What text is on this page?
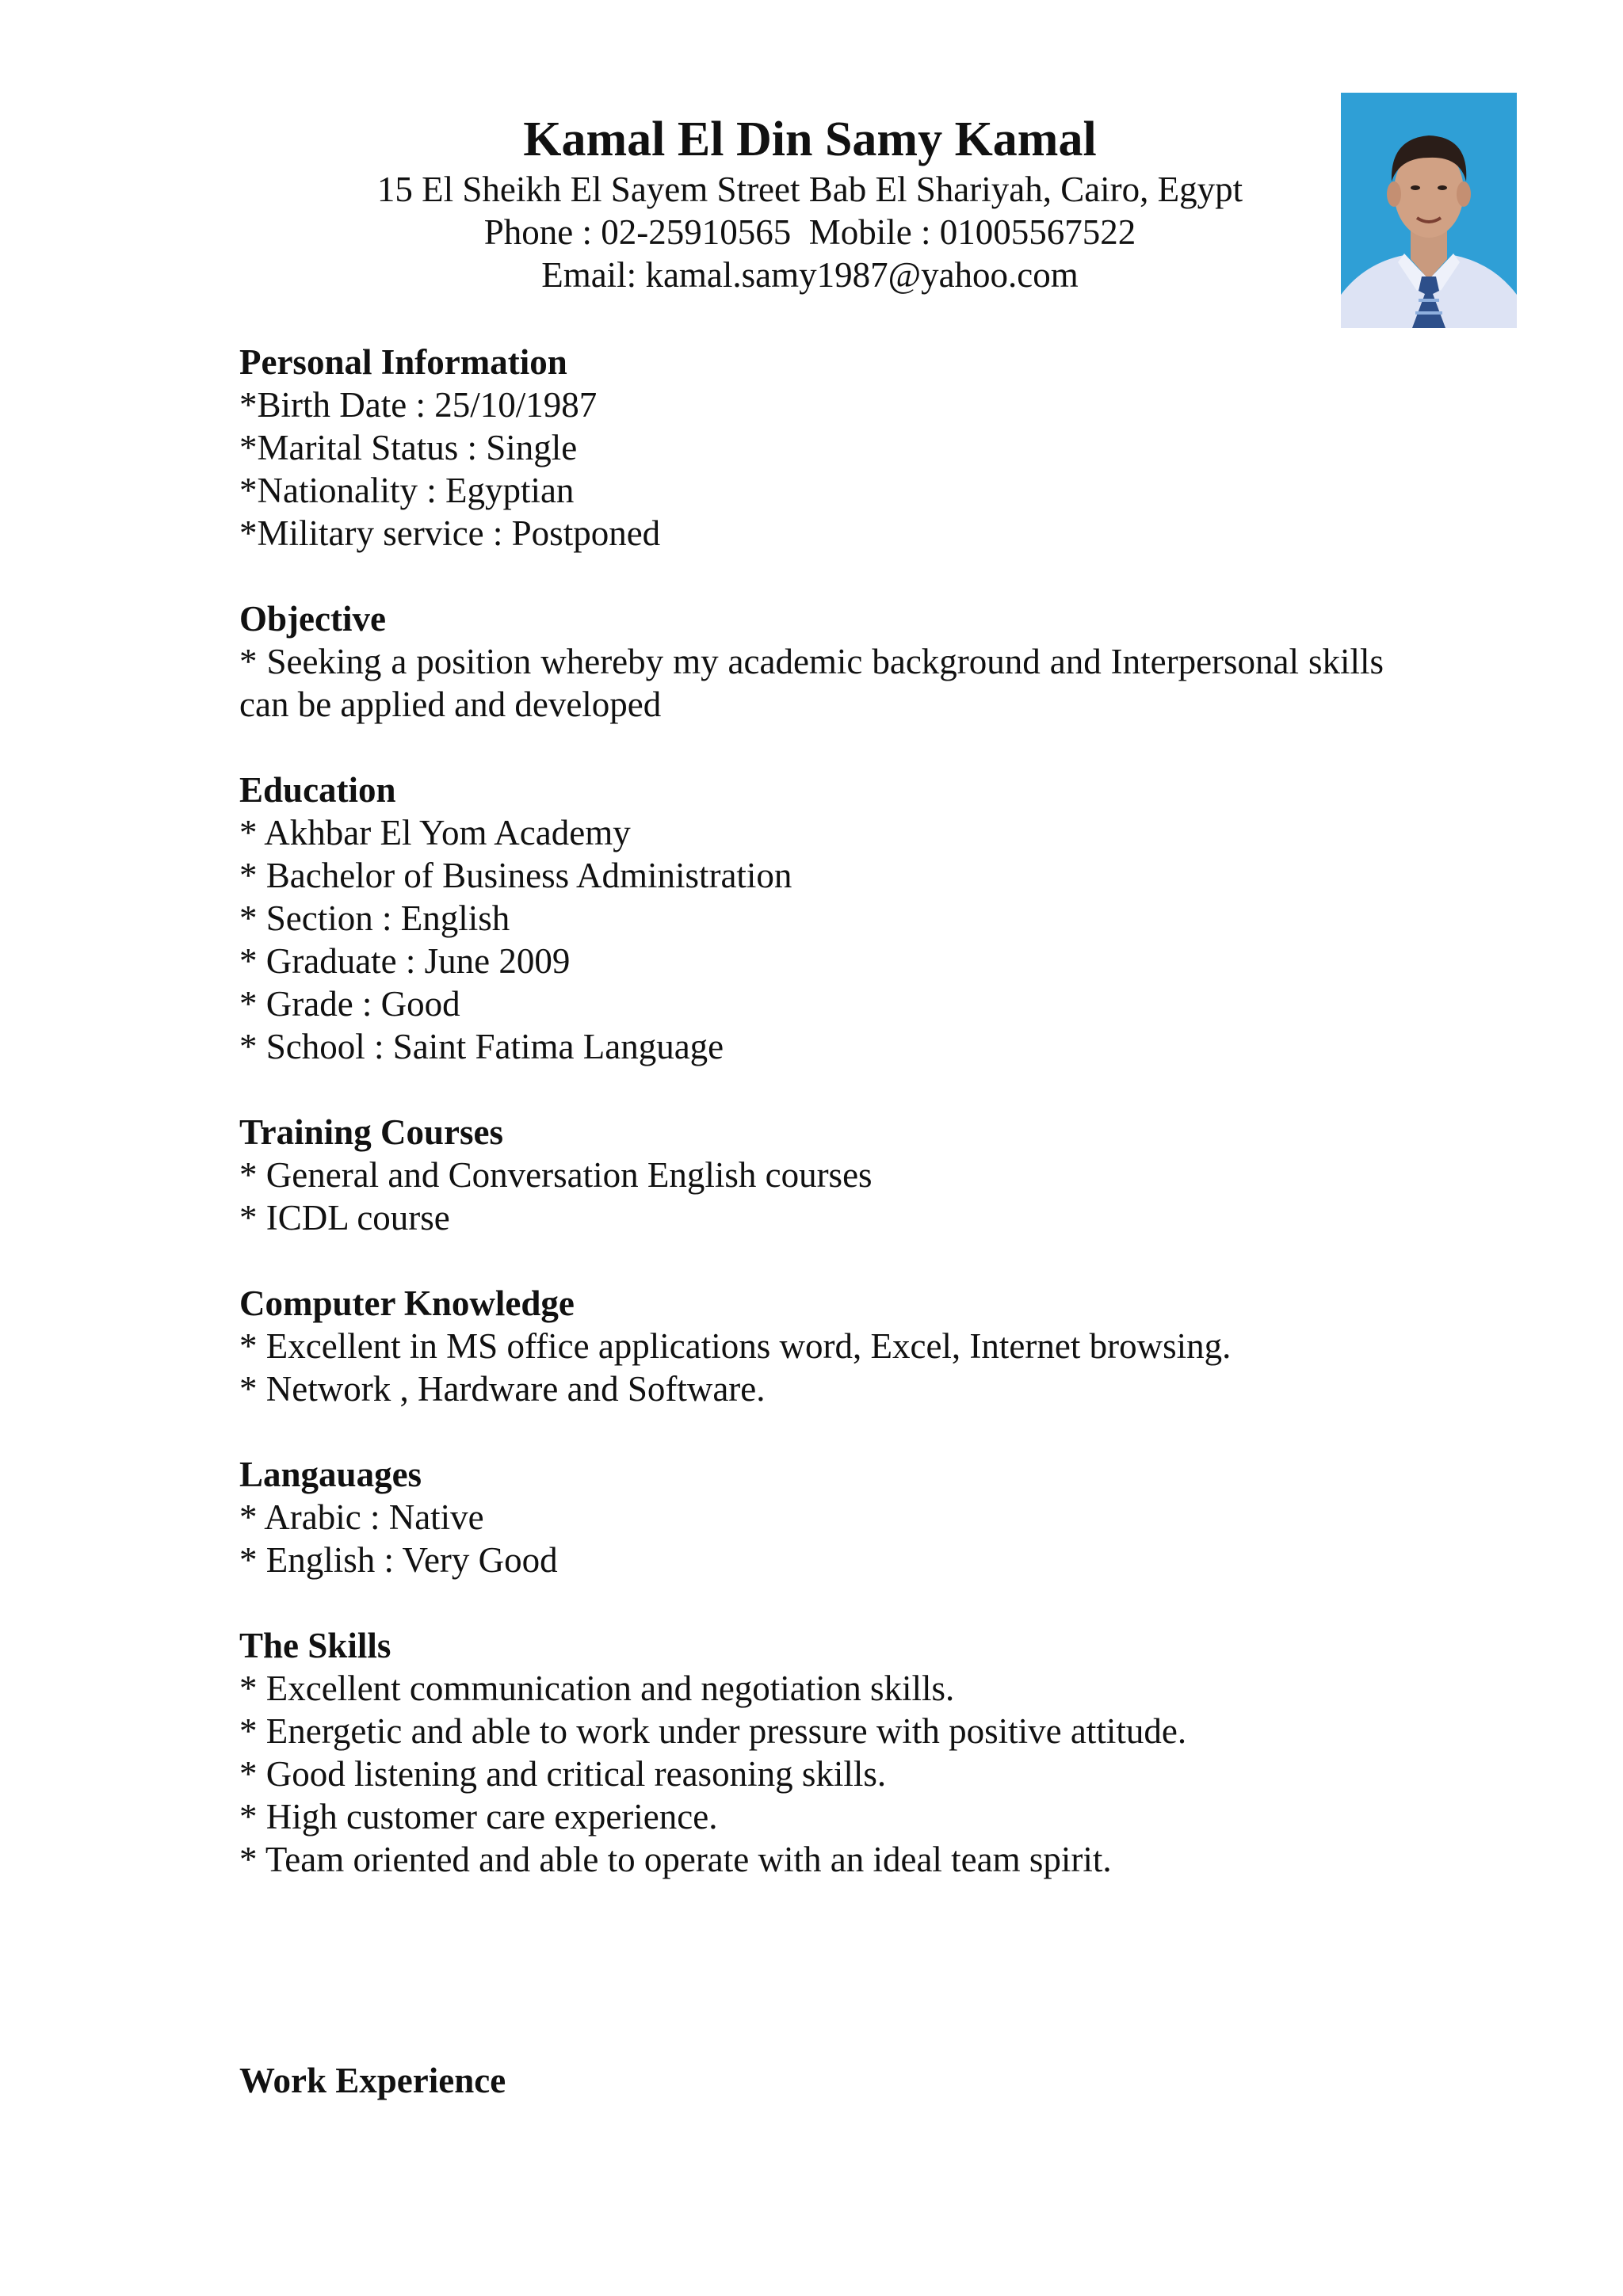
Kamal El Din Samy Kamal

15 El Sheikh El Sayem Street Bab El Shariyah, Cairo, Egypt

Phone : 02-25910565  Mobile : 01005567522

Email: kamal.samy1987@yahoo.com

Personal Information

*Birth Date : 25/10/1987

*Marital Status : Single

*Nationality : Egyptian

*Military service : Postponed

Objective

* Seeking a position whereby my academic background and Interpersonal skills can be applied and developed

Education

* Akhbar El Yom Academy

* Bachelor of Business Administration

* Section : English

* Graduate : June 2009

* Grade : Good

* School : Saint Fatima Language

Training Courses

* General and Conversation English courses

* ICDL course

Computer Knowledge

* Excellent in MS office applications word, Excel, Internet browsing.

* Network , Hardware and Software.

Langauages

* Arabic : Native

* English : Very Good

The Skills

* Excellent communication and negotiation skills.

* Energetic and able to work under pressure with positive attitude.

* Good listening and critical reasoning skills.

* High customer care experience.

* Team oriented and able to operate with an ideal team spirit.

Work Experience
